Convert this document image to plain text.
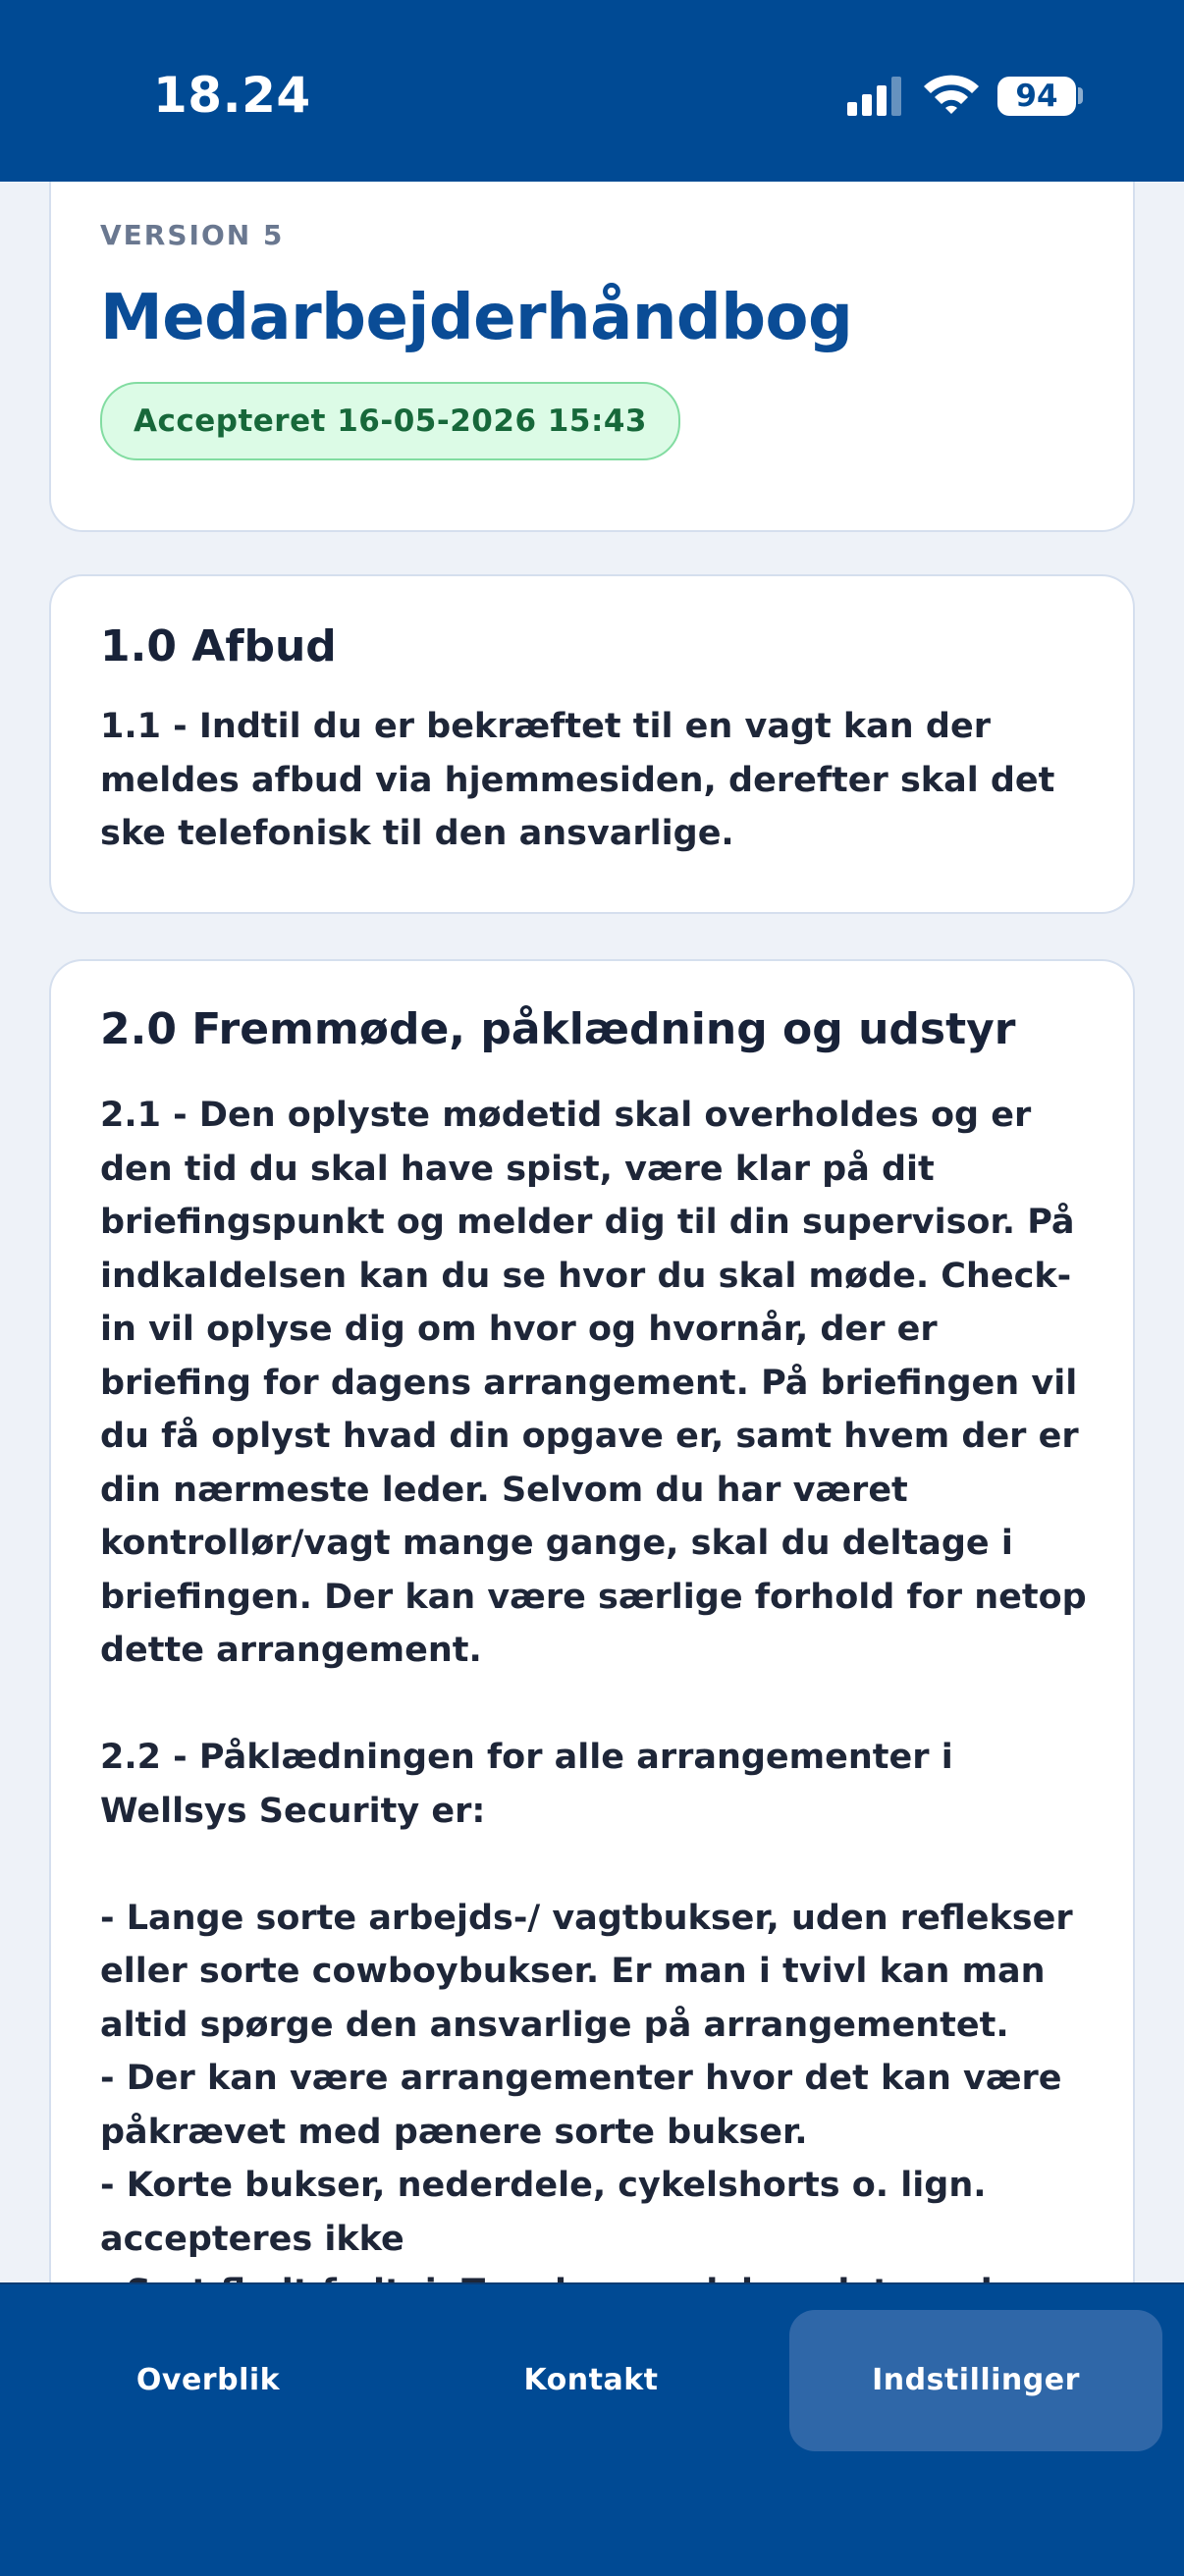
18.24	94
VERSION 5
Medarbejderhåndbog
Accepteret 16-05-2026 15:43
1.0 Afbud
1.1 - Indtil du er bekræftet til en vagt kan der meldes afbud via hjemmesiden, derefter skal det ske telefonisk til den ansvarlige.
2.0 Fremmøde, påklædning og udstyr
2.1 - Den oplyste mødetid skal overholdes og er den tid du skal have spist, være klar på dit briefingspunkt og melder dig til din supervisor. På indkaldelsen kan du se hvor du skal møde. Check-in vil oplyse dig om hvor og hvornår, der er briefing for dagens arrangement. På briefingen vil du få oplyst hvad din opgave er, samt hvem der er din nærmeste leder. Selvom du har været kontrollør/vagt mange gange, skal du deltage i briefingen. Der kan være særlige forhold for netop dette arrangement.

2.2 - Påklædningen for alle arrangementer i Wellsys Security er:

- Lange sorte arbejds-/ vagtbukser, uden reflekser eller sorte cowboybukser. Er man i tvivl kan man altid spørge den ansvarlige på arrangementet.
- Der kan være arrangementer hvor det kan være påkrævet med pænere sorte bukser.
- Korte bukser, nederdele, cykelshorts o. lign. accepteres ikke

Overblik	Kontakt	Indstillinger
